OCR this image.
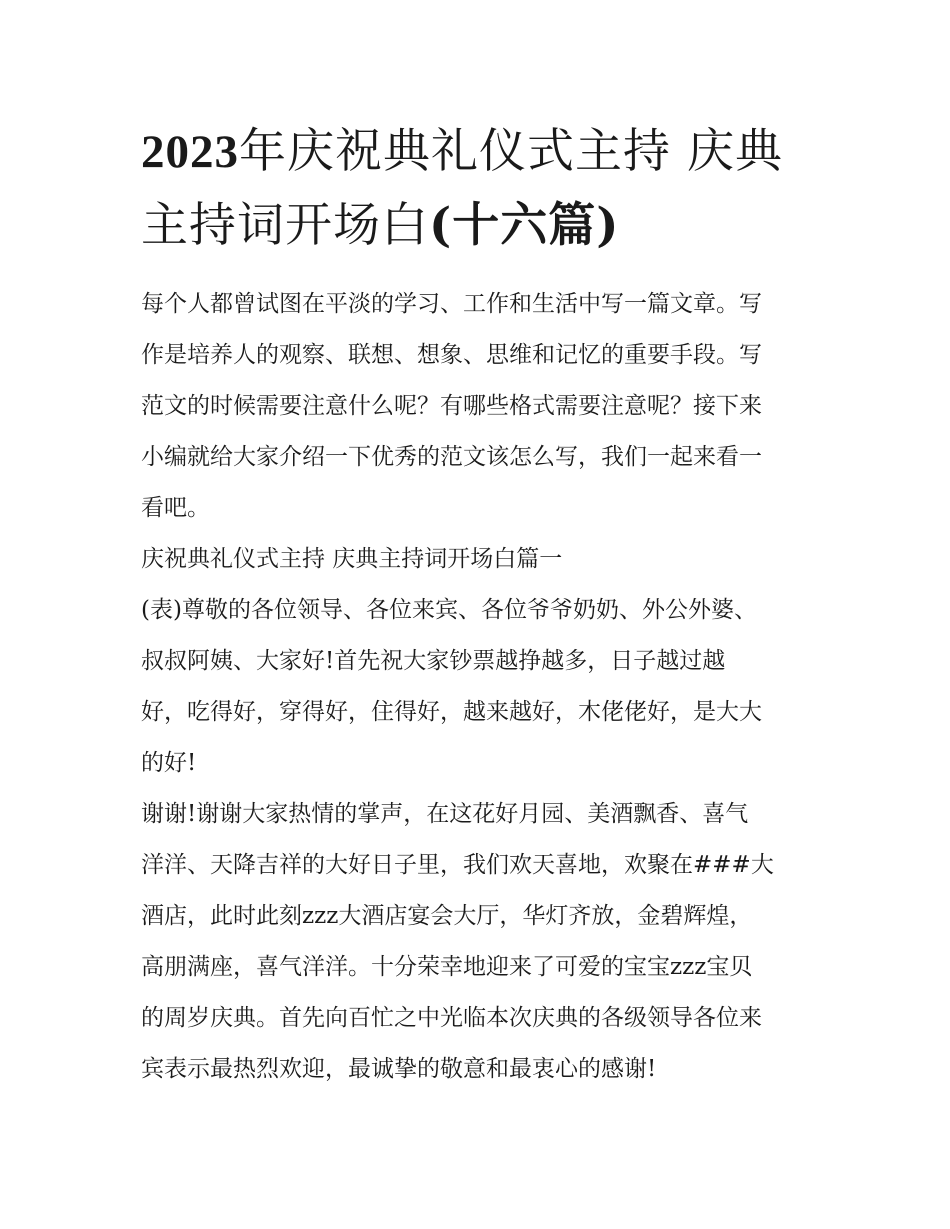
2023年庆祝典礼仪式主持 庆典主持词开场白(十六篇)
每个人都曾试图在平淡的学习、工作和生活中写一篇文章。写
作是培养人的观察、联想、想象、思维和记忆的重要手段。写
范文的时候需要注意什么呢？有哪些格式需要注意呢？接下来
小编就给大家介绍一下优秀的范文该怎么写，我们一起来看一
看吧。
庆祝典礼仪式主持 庆典主持词开场白篇一
(表)尊敬的各位领导、各位来宾、各位爷爷奶奶、外公外婆、
叔叔阿姨、大家好!首先祝大家钞票越挣越多，日子越过越
好，吃得好，穿得好，住得好，越来越好，木佬佬好，是大大
的好!
谢谢!谢谢大家热情的掌声，在这花好月园、美酒飘香、喜气
洋洋、天降吉祥的大好日子里，我们欢天喜地，欢聚在###大
酒店，此时此刻zzz大酒店宴会大厅，华灯齐放，金碧辉煌，
高朋满座，喜气洋洋。十分荣幸地迎来了可爱的宝宝zzz宝贝
的周岁庆典。首先向百忙之中光临本次庆典的各级领导各位来
宾表示最热烈欢迎，最诚挚的敬意和最衷心的感谢!
